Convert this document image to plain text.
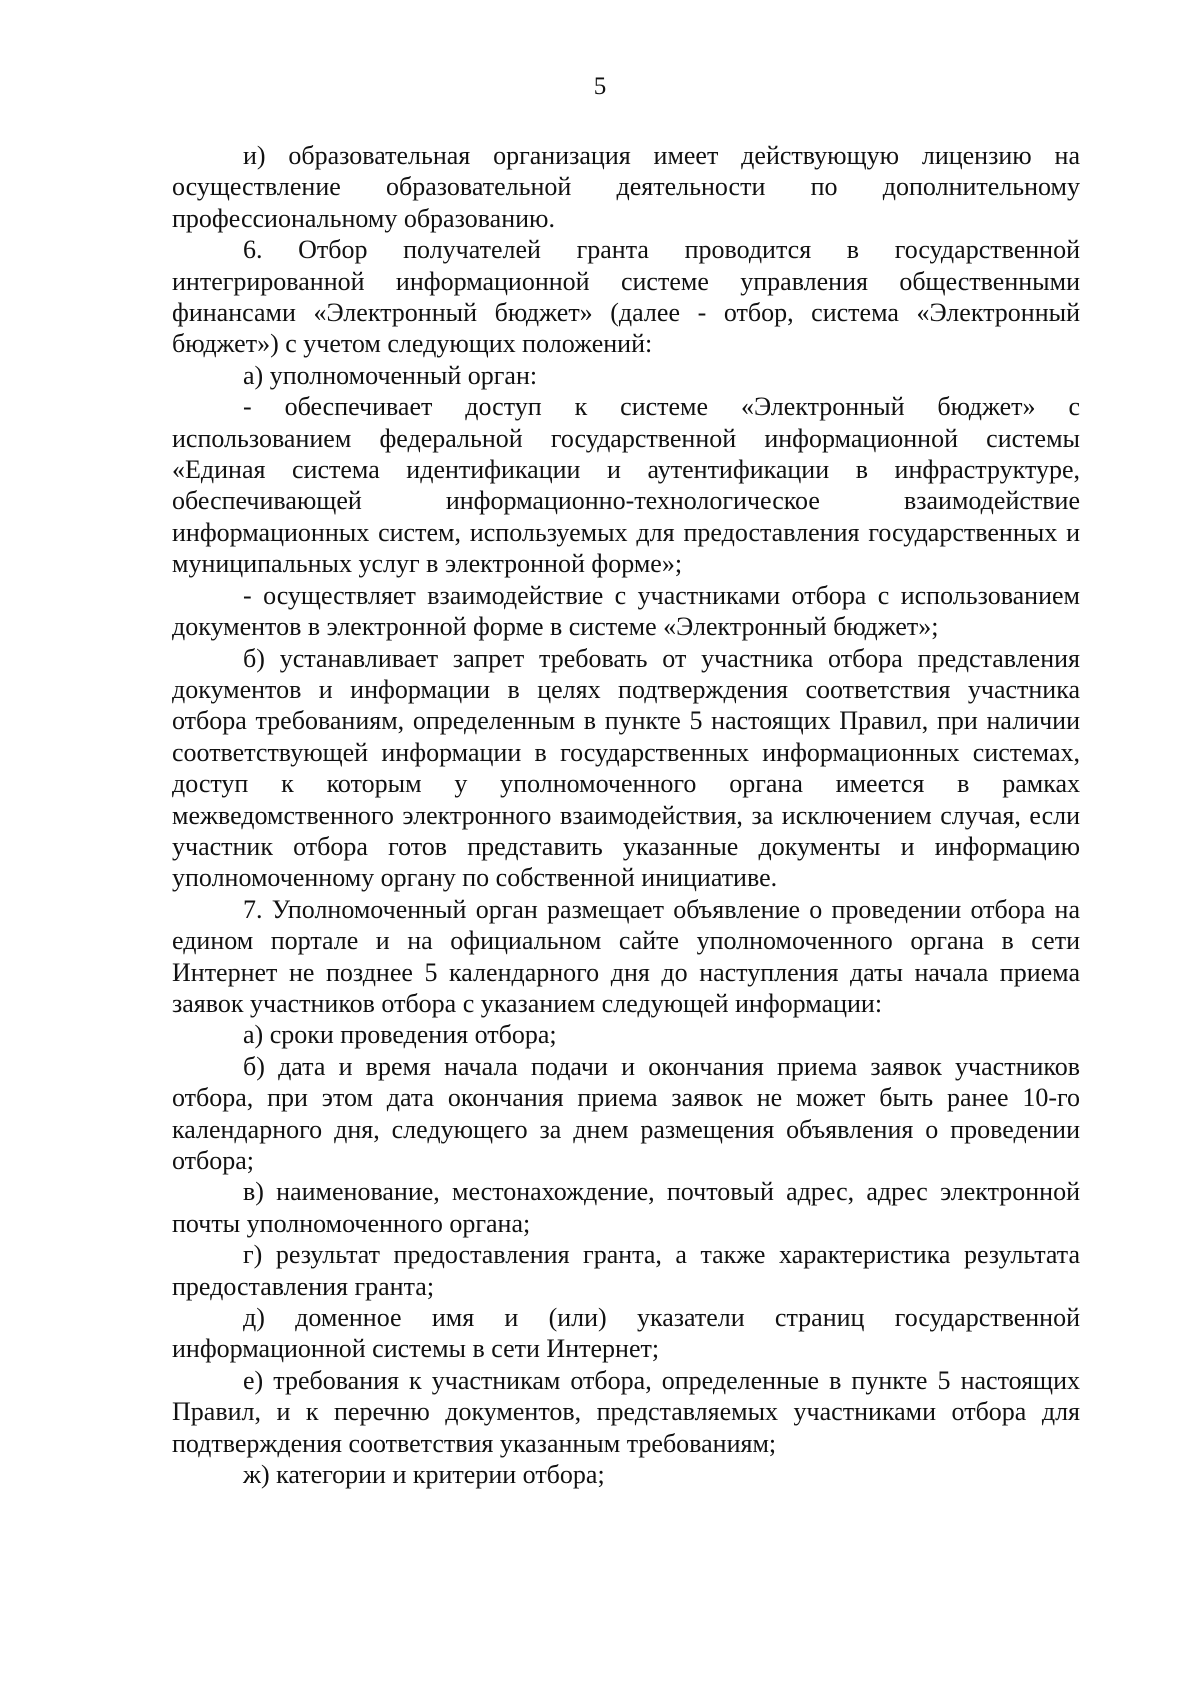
5

и) образовательная организация имеет действующую лицензию на осуществление образовательной деятельности по дополнительному профессиональному образованию.

6. Отбор получателей гранта проводится в государственной интегрированной информационной системе управления общественными финансами «Электронный бюджет» (далее - отбор, система «Электронный бюджет») с учетом следующих положений:

а) уполномоченный орган:

- обеспечивает доступ к системе «Электронный бюджет» с использованием федеральной государственной информационной системы «Единая система идентификации и аутентификации в инфраструктуре, обеспечивающей информационно-технологическое взаимодействие информационных систем, используемых для предоставления государственных и муниципальных услуг в электронной форме»;

- осуществляет взаимодействие с участниками отбора с использованием документов в электронной форме в системе «Электронный бюджет»;

б) устанавливает запрет требовать от участника отбора представления документов и информации в целях подтверждения соответствия участника отбора требованиям, определенным в пункте 5 настоящих Правил, при наличии соответствующей информации в государственных информационных системах, доступ к которым у уполномоченного органа имеется в рамках межведомственного электронного взаимодействия, за исключением случая, если участник отбора готов представить указанные документы и информацию уполномоченному органу по собственной инициативе.

7. Уполномоченный орган размещает объявление о проведении отбора на едином портале и на официальном сайте уполномоченного органа в сети Интернет не позднее 5 календарного дня до наступления даты начала приема заявок участников отбора с указанием следующей информации:

а) сроки проведения отбора;

б) дата и время начала подачи и окончания приема заявок участников отбора, при этом дата окончания приема заявок не может быть ранее 10-го календарного дня, следующего за днем размещения объявления о проведении отбора;

в) наименование, местонахождение, почтовый адрес, адрес электронной почты уполномоченного органа;

г) результат предоставления гранта, а также характеристика результата предоставления гранта;

д) доменное имя и (или) указатели страниц государственной информационной системы в сети Интернет;

е) требования к участникам отбора, определенные в пункте 5 настоящих Правил, и к перечню документов, представляемых участниками отбора для подтверждения соответствия указанным требованиям;

ж) категории и критерии отбора;
